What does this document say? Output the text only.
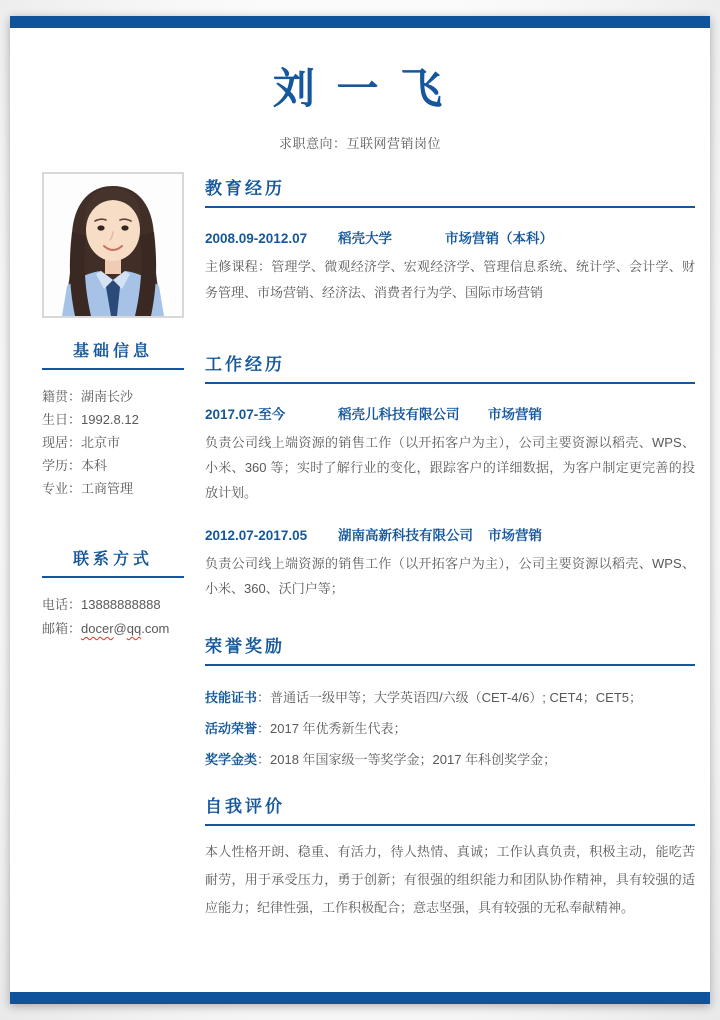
刘 一 飞
求职意向：互联网营销岗位
基础信息
籍贯：湖南长沙
生日：1992.8.12
现居：北京市
学历：本科
专业：工商管理
联系方式
电话：13888888888
邮箱：docer@qq.com
教育经历
2008.09-2012.07 稻壳大学	市场营销（本科）
主修课程：管理学、微观经济学、宏观经济学、管理信息系统、统计学、会计学、财务管理、市场营销、经济法、消费者行为学、国际市场营销
工作经历
2017.07-至今	稻壳儿科技有限公司 市场营销
负责公司线上端资源的销售工作（以开拓客户为主），公司主要资源以稻壳、WPS、小米、360 等；实时了解行业的变化，跟踪客户的详细数据，为客户制定更完善的投放计划。
2012.07-2017.05 湖南高新科技有限公司 市场营销
负责公司线上端资源的销售工作（以开拓客户为主），公司主要资源以稻壳、WPS、小米、360、沃门户等；
荣誉奖励
技能证书：普通话一级甲等；大学英语四/六级（CET-4/6）; CET4；CET5；
活动荣誉：2017 年优秀新生代表；
奖学金类：2018 年国家级一等奖学金；2017 年科创奖学金；
自我评价
本人性格开朗、稳重、有活力，待人热情、真诚；工作认真负责，积极主动，能吃苦耐劳，用于承受压力，勇于创新；有很强的组织能力和团队协作精神，具有较强的适应能力；纪律性强，工作积极配合；意志坚强，具有较强的无私奉献精神。
